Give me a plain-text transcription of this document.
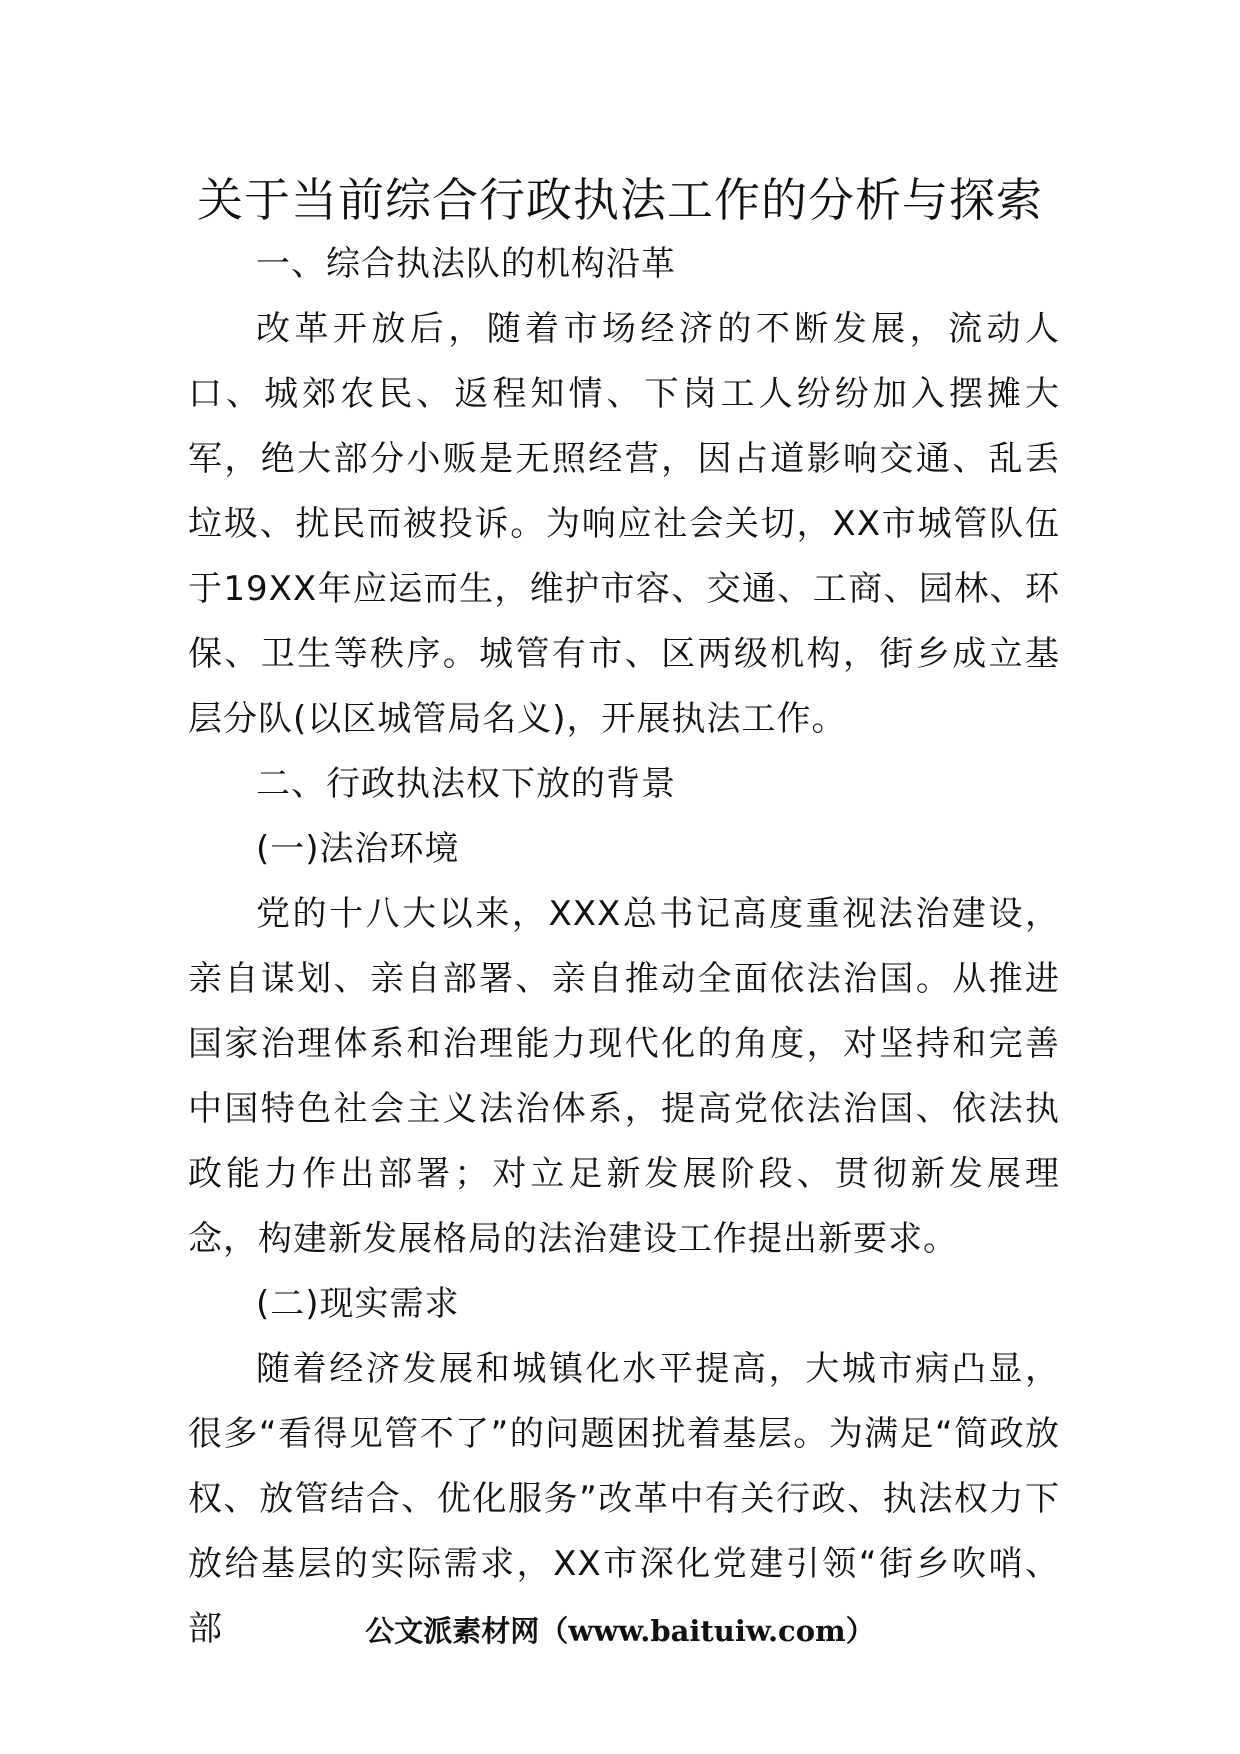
关于当前综合行政执法工作的分析与探索

一、综合执法队的机构沿革

改革开放后，随着市场经济的不断发展，流动人口、城郊农民、返程知情、下岗工人纷纷加入摆摊大军，绝大部分小贩是无照经营，因占道影响交通、乱丢垃圾、扰民而被投诉。为响应社会关切，XX市城管队伍于19XX年应运而生，维护市容、交通、工商、园林、环保、卫生等秩序。城管有市、区两级机构，街乡成立基层分队(以区城管局名义)，开展执法工作。

二、行政执法权下放的背景

(一)法治环境

党的十八大以来，XXX总书记高度重视法治建设，亲自谋划、亲自部署、亲自推动全面依法治国。从推进国家治理体系和治理能力现代化的角度，对坚持和完善中国特色社会主义法治体系，提高党依法治国、依法执政能力作出部署；对立足新发展阶段、贯彻新发展理念，构建新发展格局的法治建设工作提出新要求。

(二)现实需求

随着经济发展和城镇化水平提高，大城市病凸显，很多“看得见管不了”的问题困扰着基层。为满足“简政放权、放管结合、优化服务”改革中有关行政、执法权力下放给基层的实际需求，XX市深化党建引领“街乡吹哨、部	公文派素材网（www.baituiw.com）
